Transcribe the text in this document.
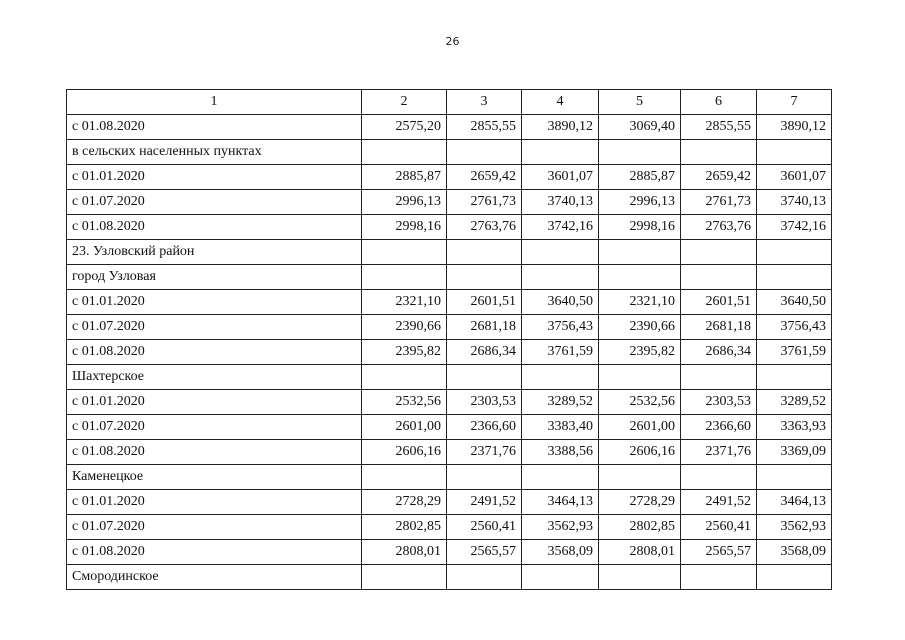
26
1	2	3	4	5	6	7
с 01.08.2020	2575,20	2855,55	3890,12	3069,40	2855,55	3890,12
в сельских населенных пунктах						
с 01.01.2020	2885,87	2659,42	3601,07	2885,87	2659,42	3601,07
с 01.07.2020	2996,13	2761,73	3740,13	2996,13	2761,73	3740,13
с 01.08.2020	2998,16	2763,76	3742,16	2998,16	2763,76	3742,16
23. Узловский район						
город Узловая						
с 01.01.2020	2321,10	2601,51	3640,50	2321,10	2601,51	3640,50
с 01.07.2020	2390,66	2681,18	3756,43	2390,66	2681,18	3756,43
с 01.08.2020	2395,82	2686,34	3761,59	2395,82	2686,34	3761,59
Шахтерское						
с 01.01.2020	2532,56	2303,53	3289,52	2532,56	2303,53	3289,52
с 01.07.2020	2601,00	2366,60	3383,40	2601,00	2366,60	3363,93
с 01.08.2020	2606,16	2371,76	3388,56	2606,16	2371,76	3369,09
Каменецкое						
с 01.01.2020	2728,29	2491,52	3464,13	2728,29	2491,52	3464,13
с 01.07.2020	2802,85	2560,41	3562,93	2802,85	2560,41	3562,93
с 01.08.2020	2808,01	2565,57	3568,09	2808,01	2565,57	3568,09
Смородинское						
